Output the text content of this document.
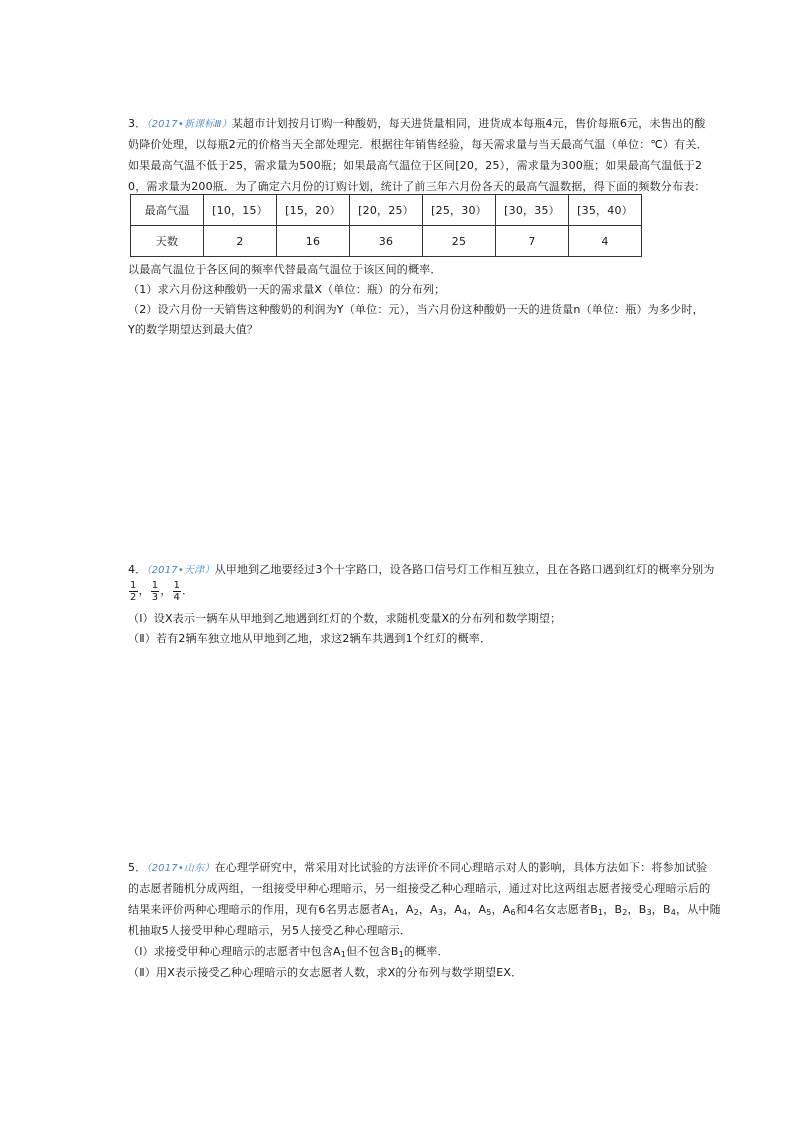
3．（2017•新课标Ⅲ）某超市计划按月订购一种酸奶，每天进货量相同，进货成本每瓶4元，售价每瓶6元，未售出的酸
奶降价处理，以每瓶2元的价格当天全部处理完．根据往年销售经验，每天需求量与当天最高气温（单位：℃）有关．
如果最高气温不低于25，需求量为500瓶；如果最高气温位于区间[20，25），需求量为300瓶；如果最高气温低于2
0，需求量为200瓶．为了确定六月份的订购计划，统计了前三年六月份各天的最高气温数据，得下面的频数分布表：
最高气温	[10，15）	[15，20）	[20，25）	[25，30）	[30，35）	[35，40）
天数	2	16	36	25	7	4
以最高气温位于各区间的频率代替最高气温位于该区间的概率．
（1）求六月份这种酸奶一天的需求量X（单位：瓶）的分布列；
（2）设六月份一天销售这种酸奶的利润为Y（单位：元），当六月份这种酸奶一天的进货量n（单位：瓶）为多少时，
Y的数学期望达到最大值？
4．（2017•天津）从甲地到乙地要经过3个十字路口，设各路口信号灯工作相互独立，且在各路口遇到红灯的概率分别为
$\frac{1}{2}$ ， $\frac{1}{3}$ ， $\frac{1}{4}$ ．
（Ⅰ）设X表示一辆车从甲地到乙地遇到红灯的个数，求随机变量X的分布列和数学期望；
（Ⅱ）若有2辆车独立地从甲地到乙地，求这2辆车共遇到1个红灯的概率．
5．（2017•山东）在心理学研究中，常采用对比试验的方法评价不同心理暗示对人的影响，具体方法如下：将参加试验
的志愿者随机分成两组，一组接受甲种心理暗示，另一组接受乙种心理暗示，通过对比这两组志愿者接受心理暗示后的
结果来评价两种心理暗示的作用，现有6名男志愿者$A_1$，$A_2$，$A_3$，$A_4$，$A_5$，$A_6$和4名女志愿者$B_1$，$B_2$，$B_3$，$B_4$，从中随
机抽取5人接受甲种心理暗示，另5人接受乙种心理暗示．
（Ⅰ）求接受甲种心理暗示的志愿者中包含$A_1$但不包含$B_1$的概率．
（Ⅱ）用X表示接受乙种心理暗示的女志愿者人数，求X的分布列与数学期望EX．
